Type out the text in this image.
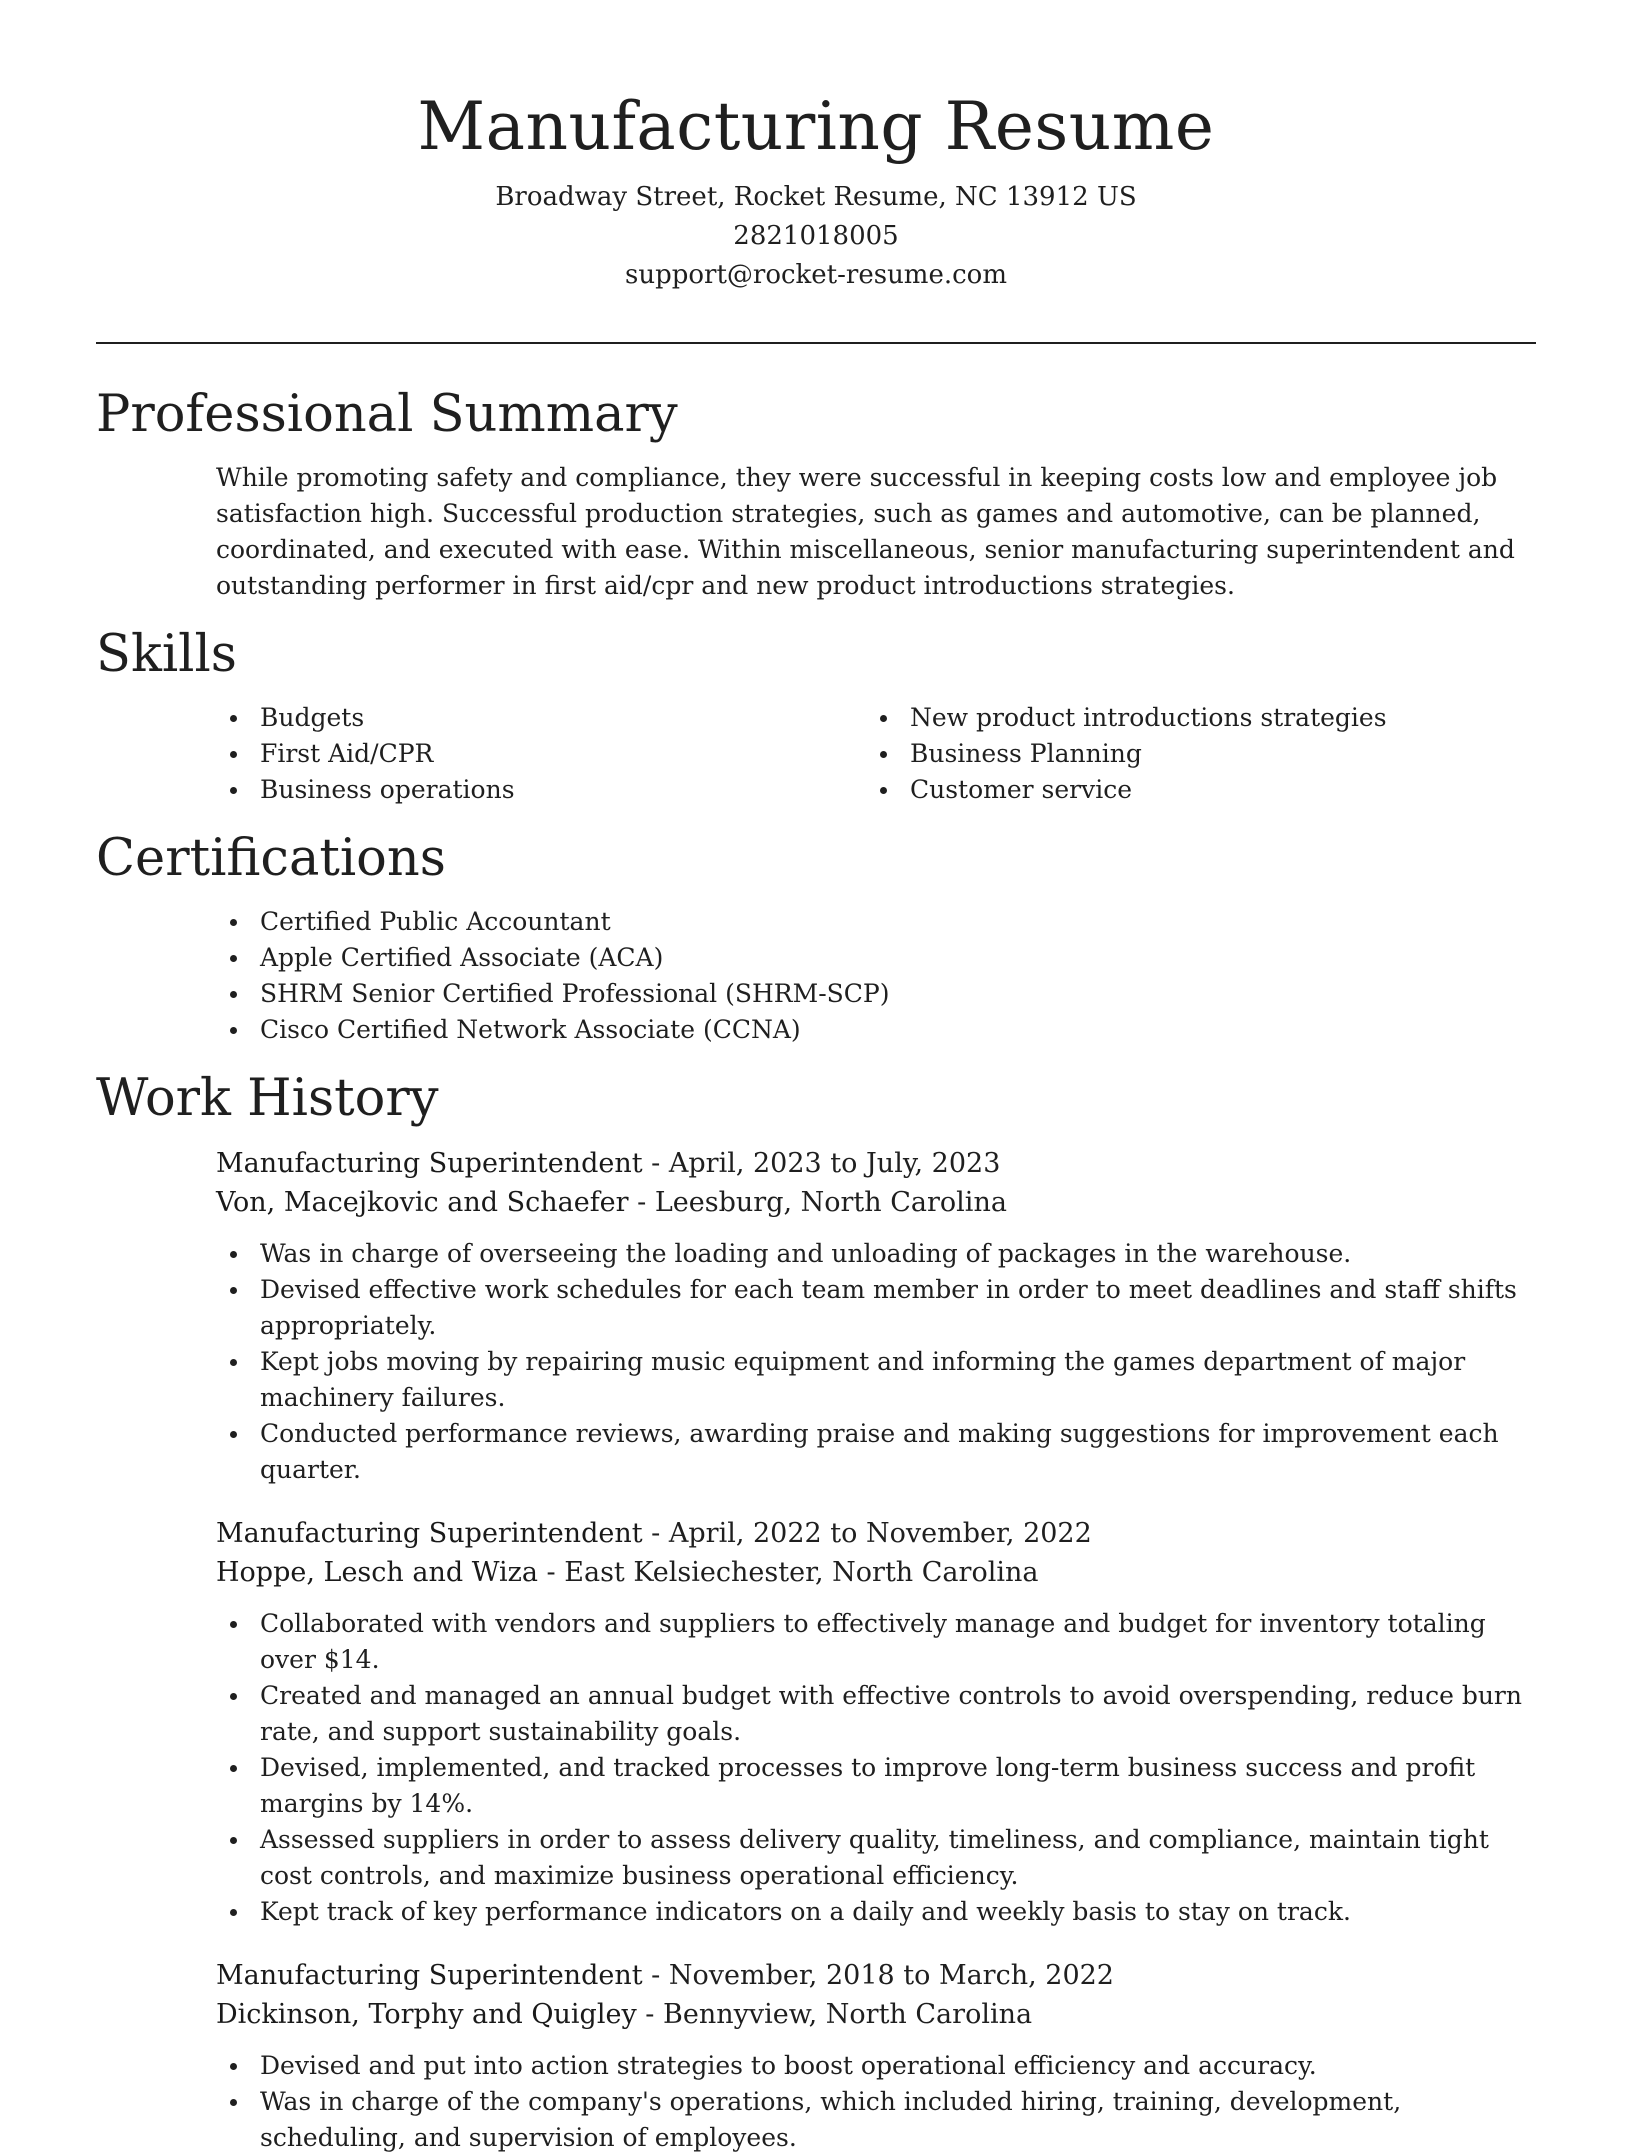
Manufacturing Resume
Broadway Street, Rocket Resume, NC 13912 US
2821018005
support@rocket-resume.com
Professional Summary

While promoting safety and compliance, they were successful in keeping costs low and employee job satisfaction high. Successful production strategies, such as games and automotive, can be planned, coordinated, and executed with ease. Within miscellaneous, senior manufacturing superintendent and outstanding performer in first aid/cpr and new product introductions strategies.

Skills
Budgets
First Aid/CPR
Business operations
New product introductions strategies
Business Planning
Customer service
Certifications
Certified Public Accountant
Apple Certified Associate (ACA)
SHRM Senior Certified Professional (SHRM-SCP)
Cisco Certified Network Associate (CCNA)
Work History
Manufacturing Superintendent - April, 2023 to July, 2023
Von, Macejkovic and Schaefer - Leesburg, North Carolina
Was in charge of overseeing the loading and unloading of packages in the warehouse.
Devised effective work schedules for each team member in order to meet deadlines and staff shifts appropriately.
Kept jobs moving by repairing music equipment and informing the games department of major machinery failures.
Conducted performance reviews, awarding praise and making suggestions for improvement each quarter.
Manufacturing Superintendent - April, 2022 to November, 2022
Hoppe, Lesch and Wiza - East Kelsiechester, North Carolina
Collaborated with vendors and suppliers to effectively manage and budget for inventory totaling over $14.
Created and managed an annual budget with effective controls to avoid overspending, reduce burn rate, and support sustainability goals.
Devised, implemented, and tracked processes to improve long-term business success and profit margins by 14%.
Assessed suppliers in order to assess delivery quality, timeliness, and compliance, maintain tight cost controls, and maximize business operational efficiency.
Kept track of key performance indicators on a daily and weekly basis to stay on track.
Manufacturing Superintendent - November, 2018 to March, 2022
Dickinson, Torphy and Quigley - Bennyview, North Carolina
Devised and put into action strategies to boost operational efficiency and accuracy.
Was in charge of the company's operations, which included hiring, training, development, scheduling, and supervision of employees.
